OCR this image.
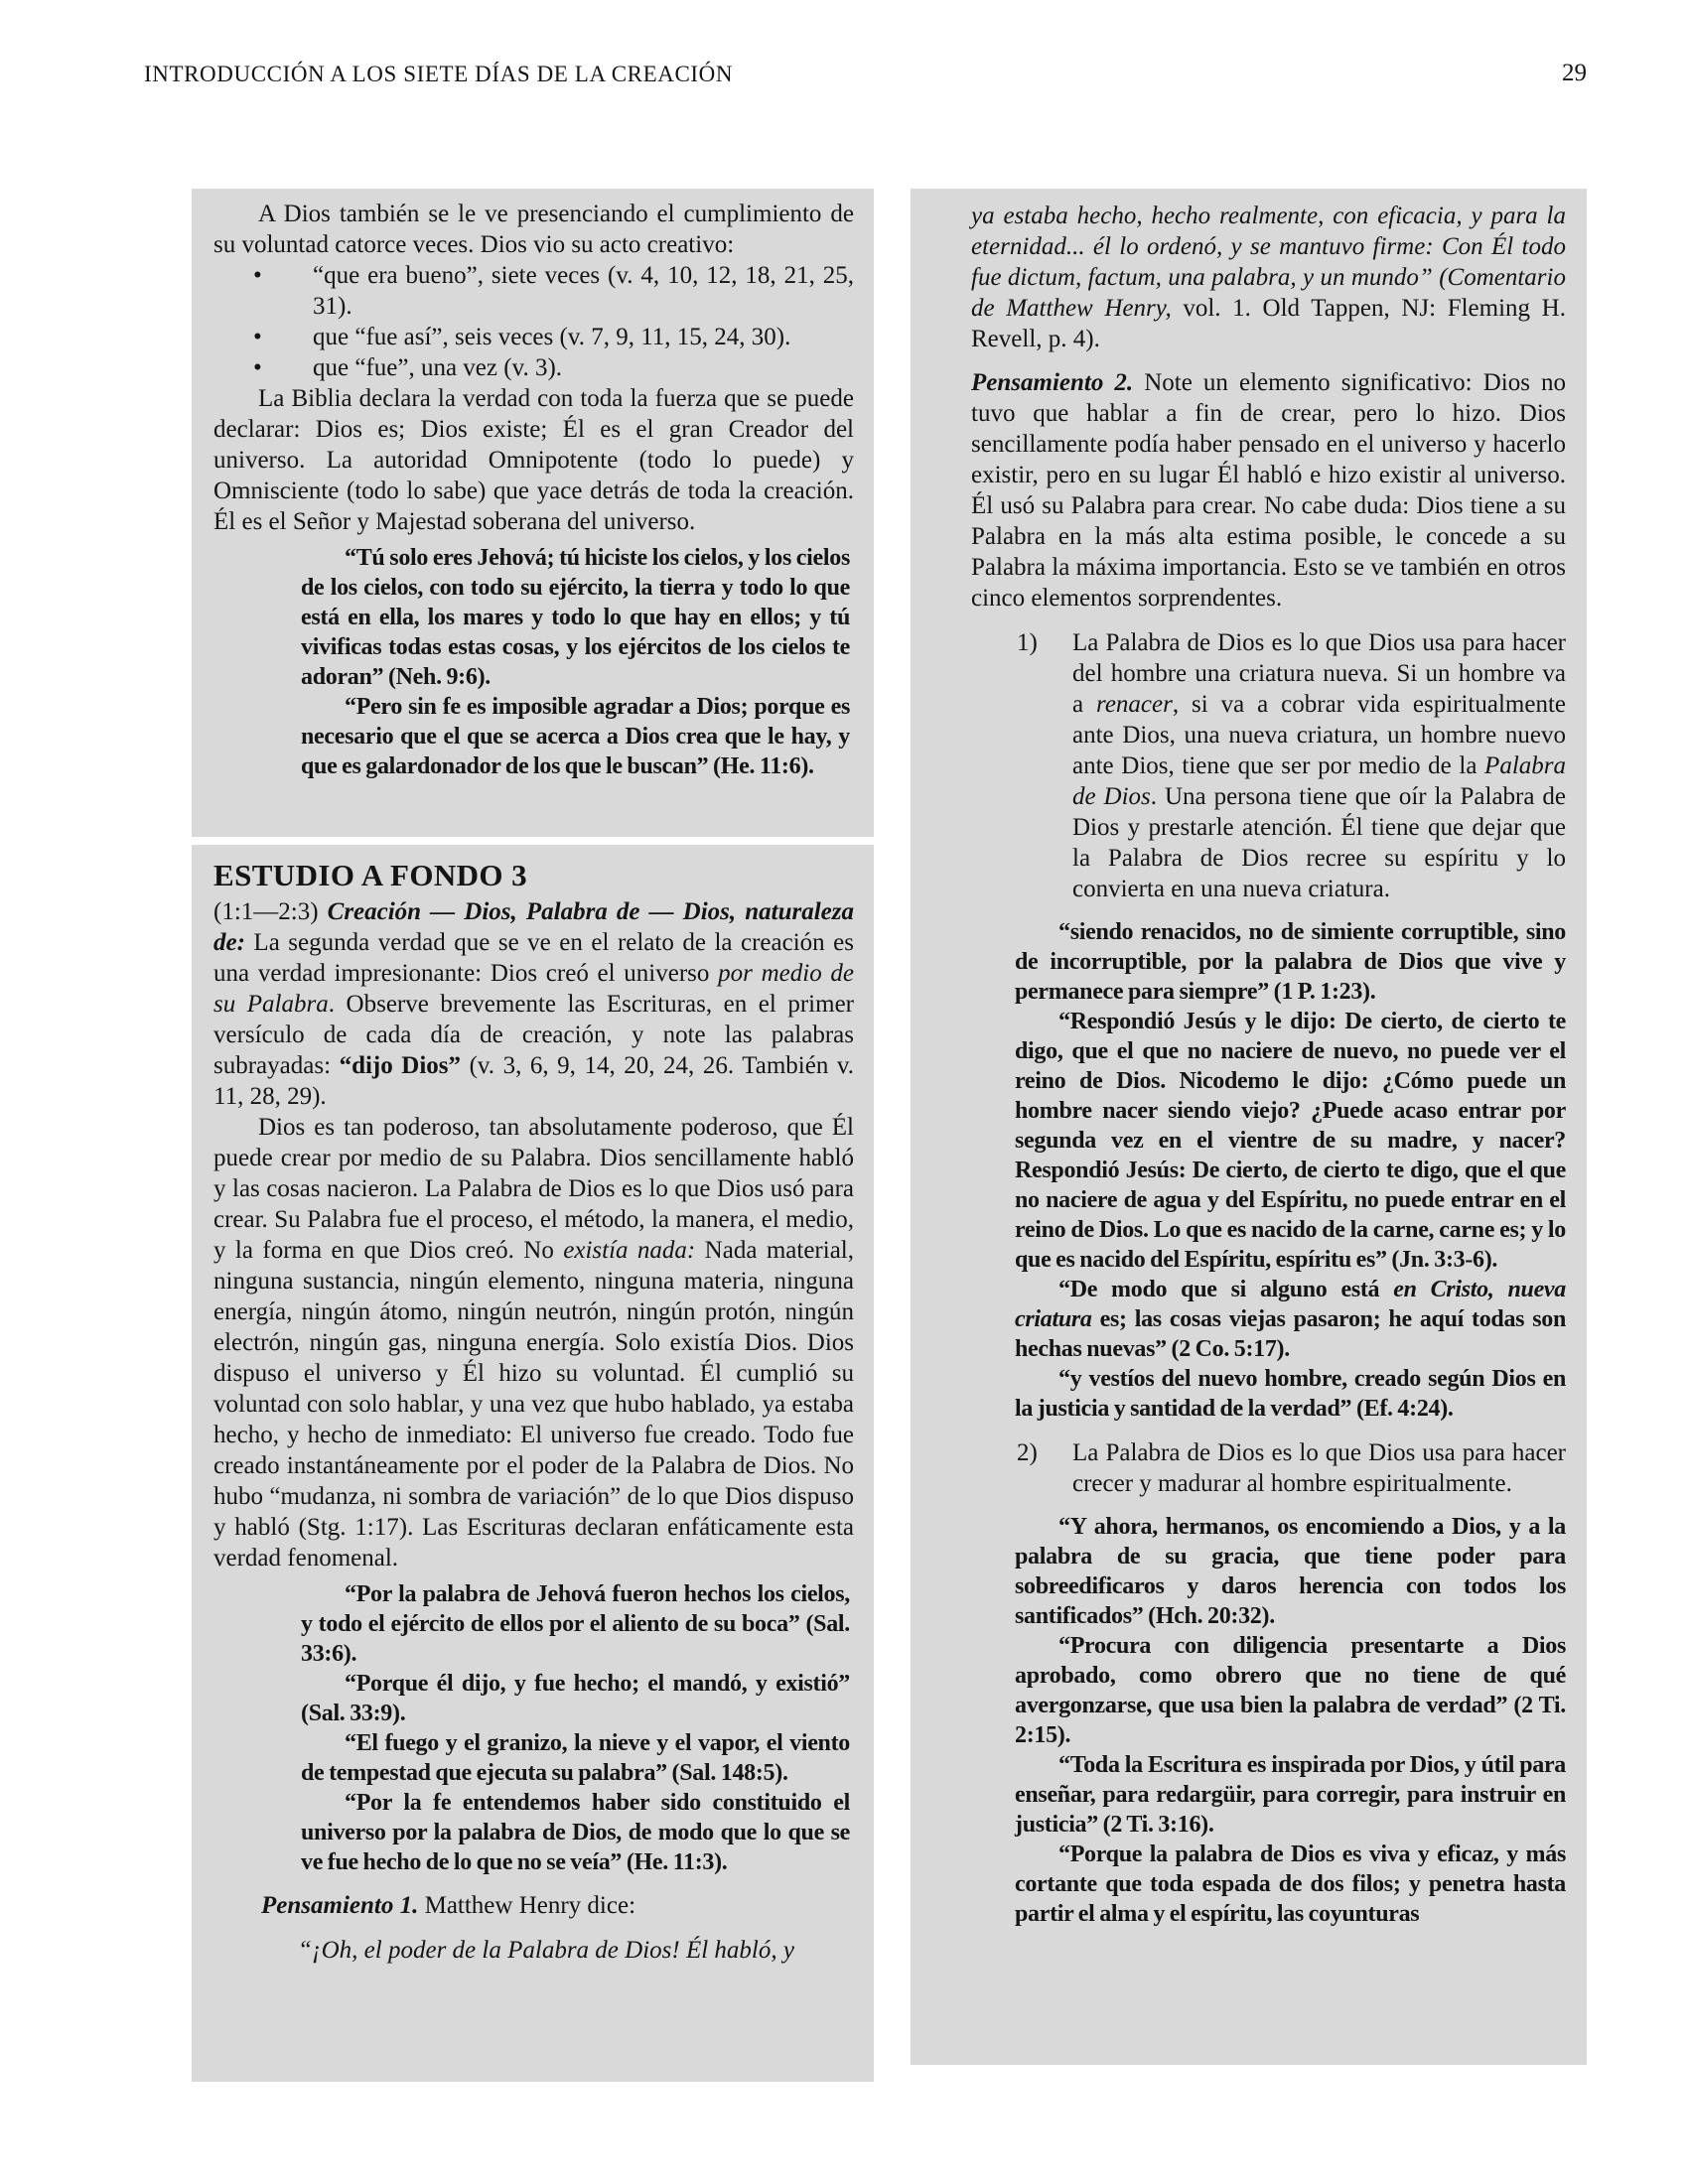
INTRODUCCIÓN A LOS SIETE DÍAS DE LA CREACIÓN	29

A Dios también se le ve presenciando el cumplimiento de su voluntad catorce veces. Dios vio su acto creativo:

• “que era bueno”, siete veces (v. 4, 10, 12, 18, 21, 25, 31).
• que “fue así”, seis veces (v. 7, 9, 11, 15, 24, 30).
• que “fue”, una vez (v. 3).

La Biblia declara la verdad con toda la fuerza que se puede declarar: Dios es; Dios existe; Él es el gran Creador del universo. La autoridad Omnipotente (todo lo puede) y Omnisciente (todo lo sabe) que yace detrás de toda la creación. Él es el Señor y Majestad soberana del universo.

“Tú solo eres Jehová; tú hiciste los cielos, y los cielos de los cielos, con todo su ejército, la tierra y todo lo que está en ella, los mares y todo lo que hay en ellos; y tú vivificas todas estas cosas, y los ejércitos de los cielos te adoran” (Neh. 9:6).

“Pero sin fe es imposible agradar a Dios; porque es necesario que el que se acerca a Dios crea que le hay, y que es galardonador de los que le buscan” (He. 11:6).

ESTUDIO A FONDO 3

(1:1—2:3) Creación — Dios, Palabra de — Dios, naturaleza de: La segunda verdad que se ve en el relato de la creación es una verdad impresionante: Dios creó el universo por medio de su Palabra. Observe brevemente las Escrituras, en el primer versículo de cada día de creación, y note las palabras subrayadas: “dijo Dios” (v. 3, 6, 9, 14, 20, 24, 26. También v. 11, 28, 29).

Dios es tan poderoso, tan absolutamente poderoso, que Él puede crear por medio de su Palabra. Dios sencillamente habló y las cosas nacieron. La Palabra de Dios es lo que Dios usó para crear. Su Palabra fue el proceso, el método, la manera, el medio, y la forma en que Dios creó. No existía nada: Nada material, ninguna sustancia, ningún elemento, ninguna materia, ninguna energía, ningún átomo, ningún neutrón, ningún protón, ningún electrón, ningún gas, ninguna energía. Solo existía Dios. Dios dispuso el universo y Él hizo su voluntad. Él cumplió su voluntad con solo hablar, y una vez que hubo hablado, ya estaba hecho, y hecho de inmediato: El universo fue creado. Todo fue creado instantáneamente por el poder de la Palabra de Dios. No hubo “mudanza, ni sombra de variación” de lo que Dios dispuso y habló (Stg. 1:17). Las Escrituras declaran enfáticamente esta verdad fenomenal.

“Por la palabra de Jehová fueron hechos los cielos, y todo el ejército de ellos por el aliento de su boca” (Sal. 33:6).

“Porque él dijo, y fue hecho; el mandó, y existió” (Sal. 33:9).

“El fuego y el granizo, la nieve y el vapor, el viento de tempestad que ejecuta su palabra” (Sal. 148:5).

“Por la fe entendemos haber sido constituido el universo por la palabra de Dios, de modo que lo que se ve fue hecho de lo que no se veía” (He. 11:3).

Pensamiento 1. Matthew Henry dice:

“¡Oh, el poder de la Palabra de Dios! Él habló, y

ya estaba hecho, hecho realmente, con eficacia, y para la eternidad... él lo ordenó, y se mantuvo firme: Con Él todo fue dictum, factum, una palabra, y un mundo” (Comentario de Matthew Henry, vol. 1. Old Tappen, NJ: Fleming H. Revell, p. 4).

Pensamiento 2. Note un elemento significativo: Dios no tuvo que hablar a fin de crear, pero lo hizo. Dios sencillamente podía haber pensado en el universo y hacerlo existir, pero en su lugar Él habló e hizo existir al universo. Él usó su Palabra para crear. No cabe duda: Dios tiene a su Palabra en la más alta estima posible, le concede a su Palabra la máxima importancia. Esto se ve también en otros cinco elementos sorprendentes.

1) La Palabra de Dios es lo que Dios usa para hacer del hombre una criatura nueva. Si un hombre va a renacer, si va a cobrar vida espiritualmente ante Dios, una nueva criatura, un hombre nuevo ante Dios, tiene que ser por medio de la Palabra de Dios. Una persona tiene que oír la Palabra de Dios y prestarle atención. Él tiene que dejar que la Palabra de Dios recree su espíritu y lo convierta en una nueva criatura.

“siendo renacidos, no de simiente corruptible, sino de incorruptible, por la palabra de Dios que vive y permanece para siempre” (1 P. 1:23).

“Respondió Jesús y le dijo: De cierto, de cierto te digo, que el que no naciere de nuevo, no puede ver el reino de Dios. Nicodemo le dijo: ¿Cómo puede un hombre nacer siendo viejo? ¿Puede acaso entrar por segunda vez en el vientre de su madre, y nacer? Respondió Jesús: De cierto, de cierto te digo, que el que no naciere de agua y del Espíritu, no puede entrar en el reino de Dios. Lo que es nacido de la carne, carne es; y lo que es nacido del Espíritu, espíritu es” (Jn. 3:3-6).

“De modo que si alguno está en Cristo, nueva criatura es; las cosas viejas pasaron; he aquí todas son hechas nuevas” (2 Co. 5:17).

“y vestíos del nuevo hombre, creado según Dios en la justicia y santidad de la verdad” (Ef. 4:24).

2) La Palabra de Dios es lo que Dios usa para hacer crecer y madurar al hombre espiritualmente.

“Y ahora, hermanos, os encomiendo a Dios, y a la palabra de su gracia, que tiene poder para sobreedificaros y daros herencia con todos los santificados” (Hch. 20:32).

“Procura con diligencia presentarte a Dios aprobado, como obrero que no tiene de qué avergonzarse, que usa bien la palabra de verdad” (2 Ti. 2:15).

“Toda la Escritura es inspirada por Dios, y útil para enseñar, para redargüir, para corregir, para instruir en justicia” (2 Ti. 3:16).

“Porque la palabra de Dios es viva y eficaz, y más cortante que toda espada de dos filos; y penetra hasta partir el alma y el espíritu, las coyunturas
